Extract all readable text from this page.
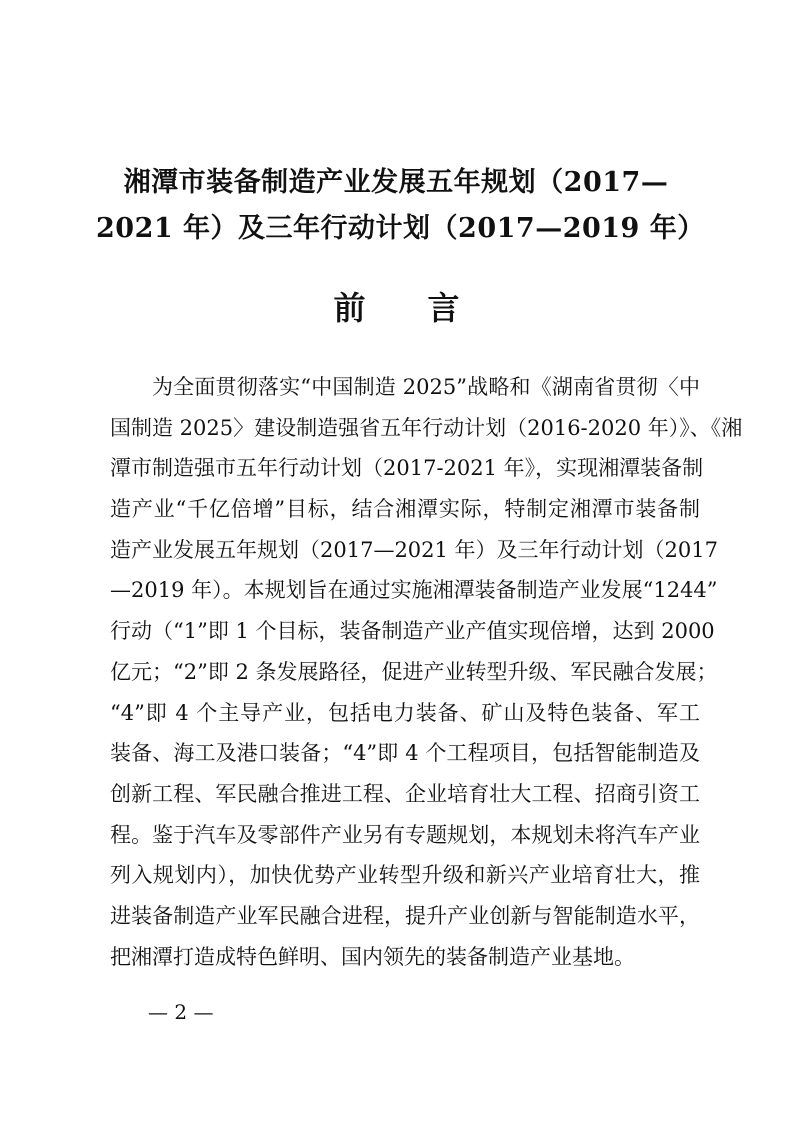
湘潭市装备制造产业发展五年规划（2017—
2021 年）及三年行动计划（2017—2019 年）
前 言
为全面贯彻落实“中国制造 2025”战略和《湖南省贯彻〈中
国制造 2025〉建设制造强省五年行动计划（2016-2020 年）》、《湘
潭市制造强市五年行动计划（2017-2021 年》，实现湘潭装备制
造产业“千亿倍增”目标，结合湘潭实际，特制定湘潭市装备制
造产业发展五年规划（2017—2021 年）及三年行动计划（2017
—2019 年）。本规划旨在通过实施湘潭装备制造产业发展“1244”
行动（“1”即 1 个目标，装备制造产业产值实现倍增，达到 2000
亿元；“2”即 2 条发展路径，促进产业转型升级、军民融合发展；
“4”即 4 个主导产业，包括电力装备、矿山及特色装备、军工
装备、海工及港口装备；“4”即 4 个工程项目，包括智能制造及
创新工程、军民融合推进工程、企业培育壮大工程、招商引资工
程。鉴于汽车及零部件产业另有专题规划，本规划未将汽车产业
列入规划内），加快优势产业转型升级和新兴产业培育壮大，推
进装备制造产业军民融合进程，提升产业创新与智能制造水平，
把湘潭打造成特色鲜明、国内领先的装备制造产业基地。
— 2 —
